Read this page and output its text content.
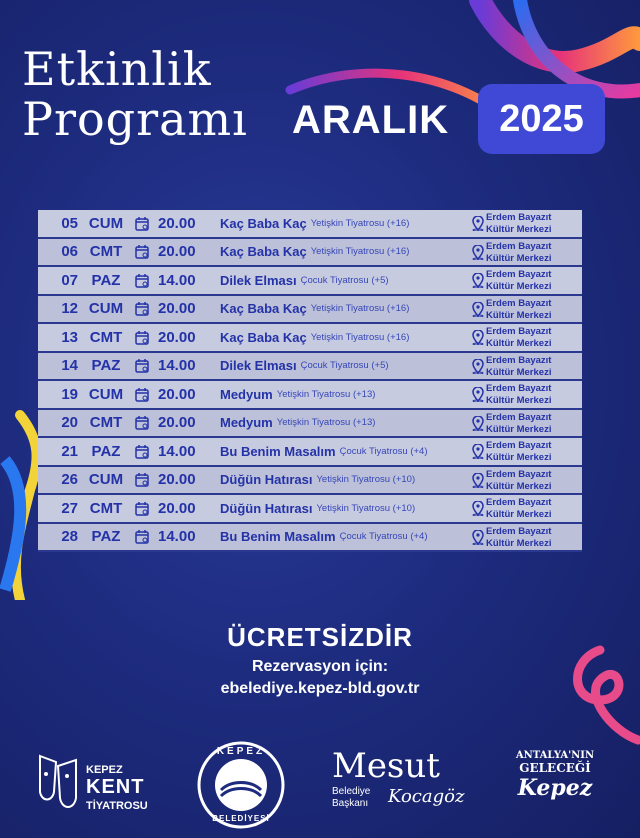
Etkinlik
Programı ARALIK 2025
05 CUM	20.00	Kaç Baba Kaç Yetişkin Tiyatrosu (+16)
Erdem Bayazıt
Kültür Merkezi
06 CMT	20.00	Kaç Baba Kaç Yetişkin Tiyatrosu (+16)
Erdem Bayazıt
Kültür Merkezi
07 PAZ	14.00	Dilek Elması Çocuk Tiyatrosu (+5)
Erdem Bayazıt
Kültür Merkezi
12 CUM	20.00	Kaç Baba Kaç Yetişkin Tiyatrosu (+16)
Erdem Bayazıt
Kültür Merkezi
13 CMT	20.00	Kaç Baba Kaç Yetişkin Tiyatrosu (+16)
Erdem Bayazıt
Kültür Merkezi
14 PAZ	14.00	Dilek Elması Çocuk Tiyatrosu (+5)
Erdem Bayazıt
Kültür Merkezi
19 CUM	20.00	Medyum Yetişkin Tiyatrosu (+13)
Erdem Bayazıt
Kültür Merkezi
20 CMT	20.00	Medyum Yetişkin Tiyatrosu (+13)
Erdem Bayazıt
Kültür Merkezi
21 PAZ	14.00	Bu Benim Masalım Çocuk Tiyatrosu (+4)
Erdem Bayazıt
Kültür Merkezi
26 CUM	20.00	Düğün Hatırası Yetişkin Tiyatrosu (+10)
Erdem Bayazıt
Kültür Merkezi
27 CMT	20.00	Düğün Hatırası Yetişkin Tiyatrosu (+10)
Erdem Bayazıt
Kültür Merkezi
28 PAZ	14.00	Bu Benim Masalım Çocuk Tiyatrosu (+4)
Erdem Bayazıt
Kültür Merkezi
ÜCRETSİZDİR
Rezervasyon için:
ebelediye.kepez-bld.gov.tr
KEPEZ
KENT
TİYATROSU
KEPEZ
BELEDİYESİ
Mesut
Belediye
Başkanı Kocagöz
ANTALYA'NIN
GELECEĞİ
Kepez
